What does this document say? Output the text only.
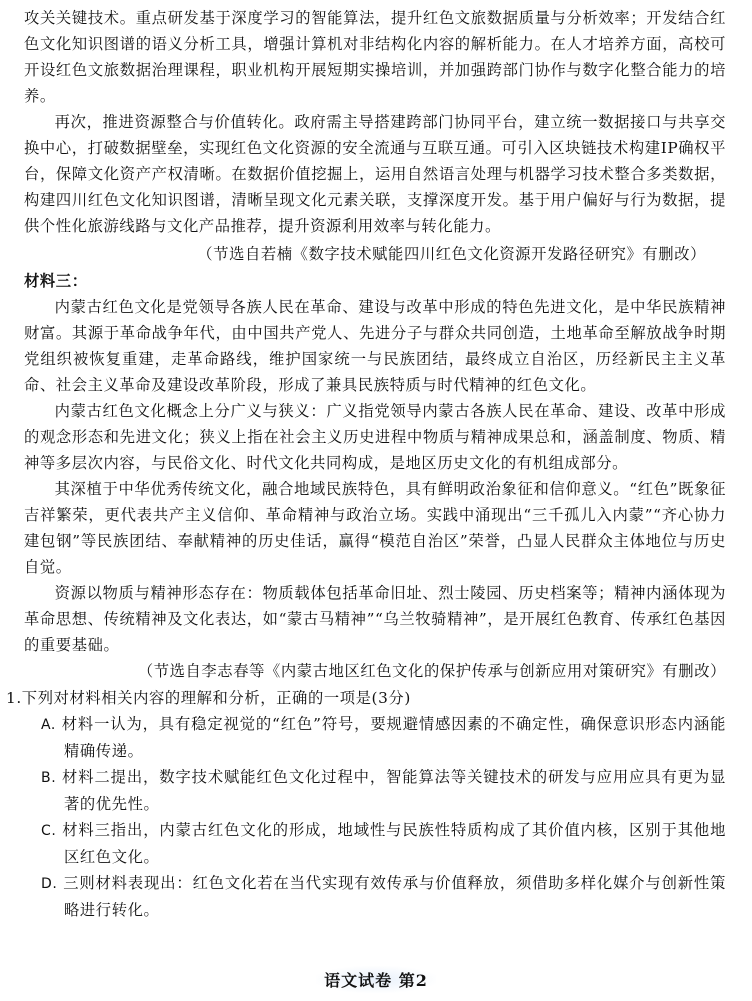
攻关关键技术。重点研发基于深度学习的智能算法，提升红色文旅数据质量与分析效率；开发结合红色文化知识图谱的语义分析工具，增强计算机对非结构化内容的解析能力。在人才培养方面，高校可开设红色文旅数据治理课程，职业机构开展短期实操培训，并加强跨部门协作与数字化整合能力的培养。

再次，推进资源整合与价值转化。政府需主导搭建跨部门协同平台，建立统一数据接口与共享交换中心，打破数据壁垒，实现红色文化资源的安全流通与互联互通。可引入区块链技术构建IP确权平台，保障文化资产产权清晰。在数据价值挖掘上，运用自然语言处理与机器学习技术整合多类数据，构建四川红色文化知识图谱，清晰呈现文化元素关联，支撑深度开发。基于用户偏好与行为数据，提供个性化旅游线路与文化产品推荐，提升资源利用效率与转化能力。

（节选自若楠《数字技术赋能四川红色文化资源开发路径研究》有删改）

材料三：

内蒙古红色文化是党领导各族人民在革命、建设与改革中形成的特色先进文化，是中华民族精神财富。其源于革命战争年代，由中国共产党人、先进分子与群众共同创造，土地革命至解放战争时期党组织被恢复重建，走革命路线，维护国家统一与民族团结，最终成立自治区，历经新民主主义革命、社会主义革命及建设改革阶段，形成了兼具民族特质与时代精神的红色文化。

内蒙古红色文化概念上分广义与狭义：广义指党领导内蒙古各族人民在革命、建设、改革中形成的观念形态和先进文化；狭义上指在社会主义历史进程中物质与精神成果总和，涵盖制度、物质、精神等多层次内容，与民俗文化、时代文化共同构成，是地区历史文化的有机组成部分。

其深植于中华优秀传统文化，融合地域民族特色，具有鲜明政治象征和信仰意义。“红色”既象征吉祥繁荣，更代表共产主义信仰、革命精神与政治立场。实践中涌现出“三千孤儿入内蒙”“齐心协力建包钢”等民族团结、奉献精神的历史佳话，赢得“模范自治区”荣誉，凸显人民群众主体地位与历史自觉。

资源以物质与精神形态存在：物质载体包括革命旧址、烈士陵园、历史档案等；精神内涵体现为革命思想、传统精神及文化表达，如“蒙古马精神”“乌兰牧骑精神”，是开展红色教育、传承红色基因的重要基础。

（节选自李志春等《内蒙古地区红色文化的保护传承与创新应用对策研究》有删改）

1.下列对材料相关内容的理解和分析，正确的一项是(3分)

A. 材料一认为，具有稳定视觉的“红色”符号，要规避情感因素的不确定性，确保意识形态内涵能精确传递。

B. 材料二提出，数字技术赋能红色文化过程中，智能算法等关键技术的研发与应用应具有更为显著的优先性。

C. 材料三指出，内蒙古红色文化的形成，地域性与民族性特质构成了其价值内核，区别于其他地区红色文化。

D. 三则材料表现出：红色文化若在当代实现有效传承与价值释放，须借助多样化媒介与创新性策略进行转化。

语文试卷 第2
